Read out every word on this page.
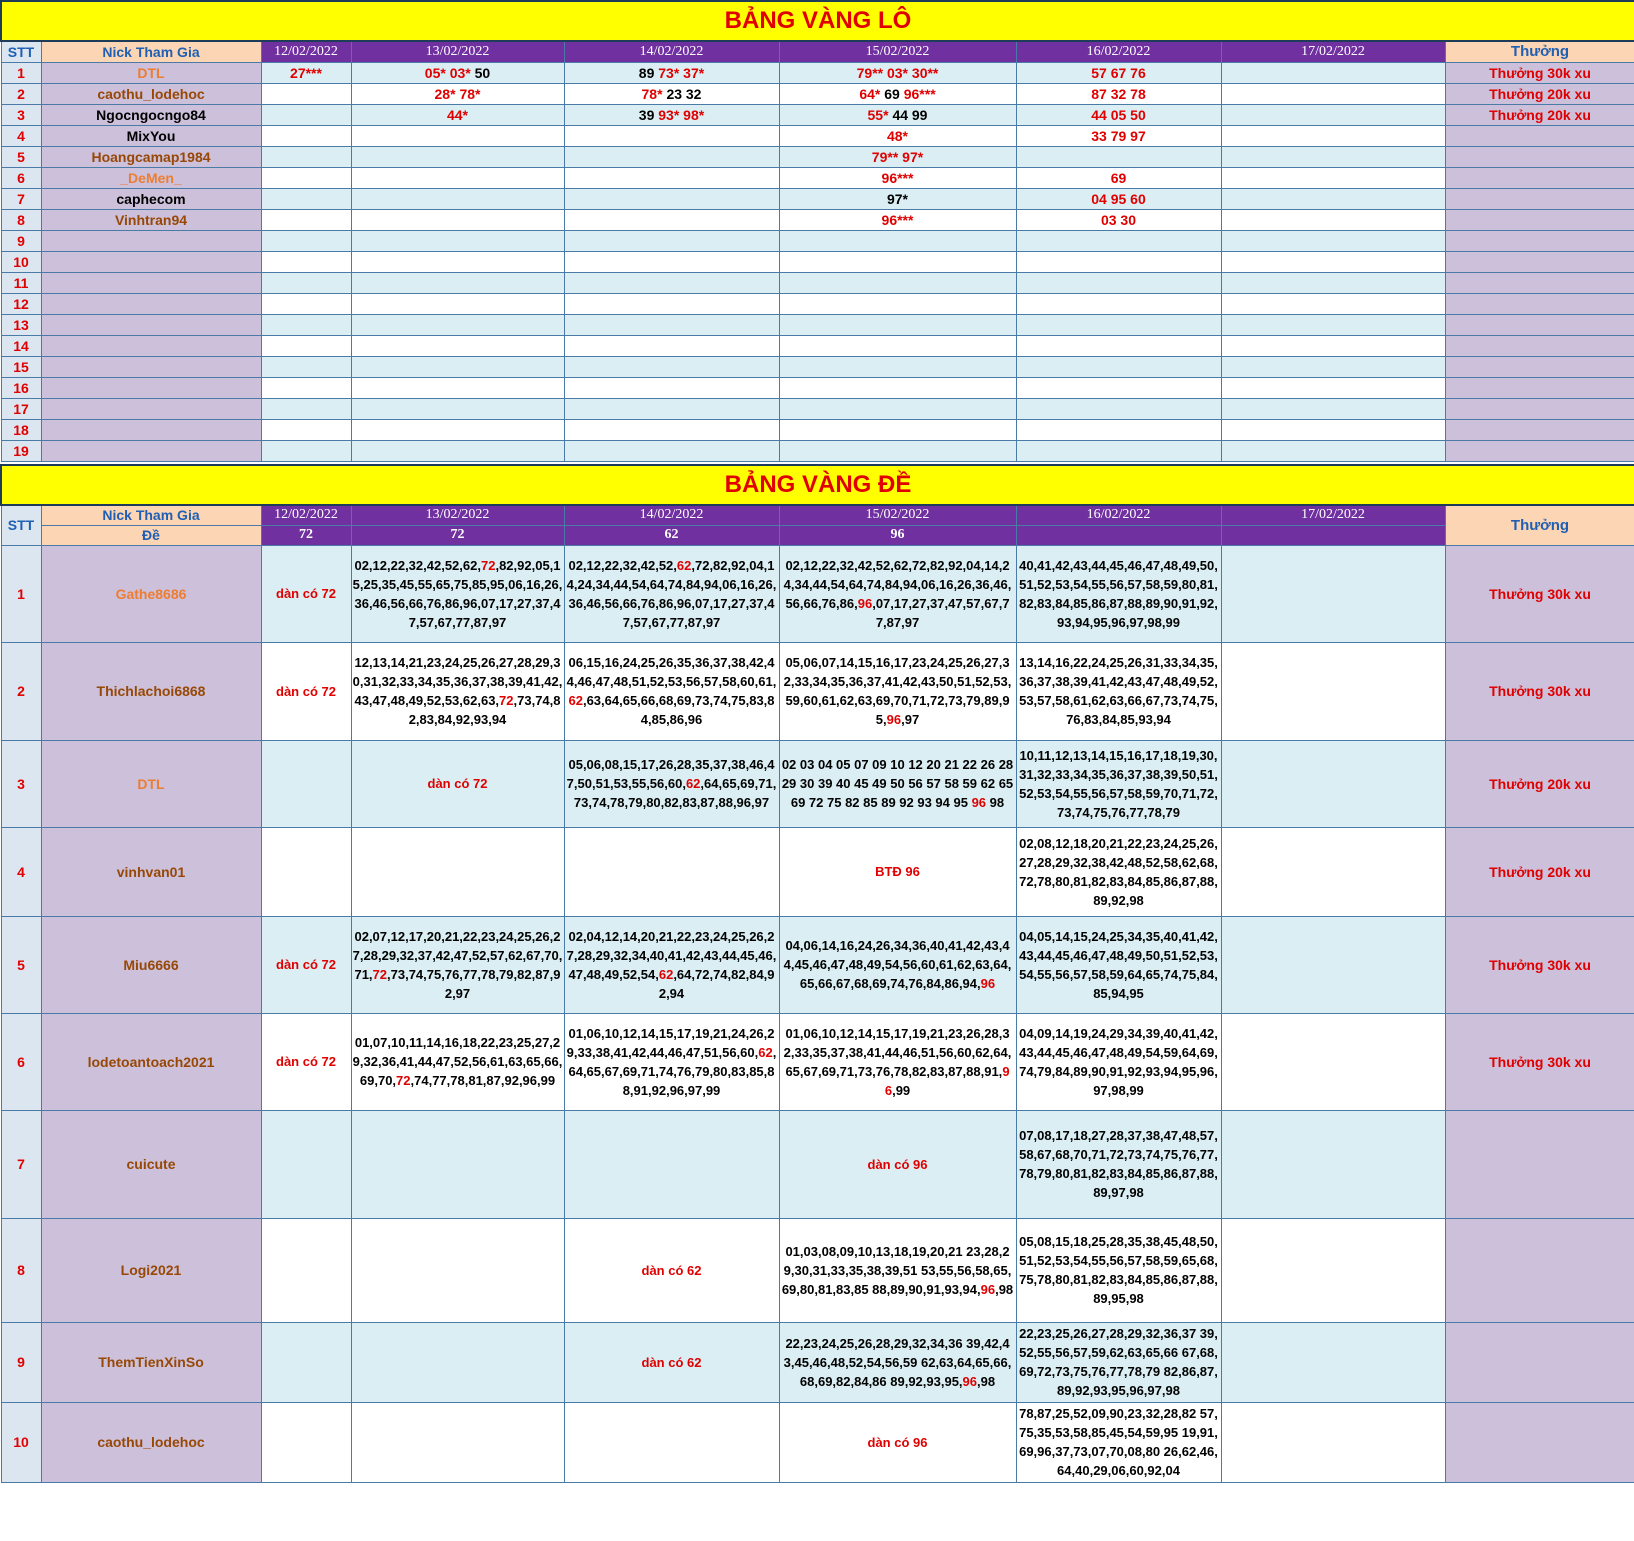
BẢNG VÀNG LÔ								
STT	Nick Tham Gia	12/02/2022	13/02/2022	14/02/2022	15/02/2022	16/02/2022	17/02/2022	Thưởng
1	DTL	27***	05* 03* 50	89 73* 37*	79** 03* 30**	57 67 76		Thưởng 30k xu
2	caothu_lodehoc		28* 78*	78* 23 32	64* 69 96***	87 32 78		Thưởng 20k xu
3	Ngocngocngo84		44*	39 93* 98*	55* 44 99	44 05 50		Thưởng 20k xu
4	MixYou				48*	33 79 97		
5	Hoangcamap1984				79** 97*			
6	_DeMen_				96***	69		
7	caphecom				97*	04 95 60		
8	Vinhtran94				96***	03 30		
9								
10								
11								
12								
13								
14								
15								
16								
17								
18								
19								
BẢNG VÀNG ĐỀ								
STT	Nick Tham Gia	12/02/2022	13/02/2022	14/02/2022	15/02/2022	16/02/2022	17/02/2022	Thưởng
	Đề	72	72	62	96			
1	Gathe8686	dàn có 72	02,12,22,32,42,52,62,72,82,92,05,15,25,35,45,55,65,75,85,95,06,16,26,36,46,56,66,76,86,96,07,17,27,37,47,57,67,77,87,97	02,12,22,32,42,52,62,72,82,92,04,14,24,34,44,54,64,74,84,94,06,16,26,36,46,56,66,76,86,96,07,17,27,37,47,57,67,77,87,97	02,12,22,32,42,52,62,72,82,92,04,14,24,34,44,54,64,74,84,94,06,16,26,36,46,56,66,76,86,96,07,17,27,37,47,57,67,77,87,97	40,41,42,43,44,45,46,47,48,49,50,51,52,53,54,55,56,57,58,59,80,81,82,83,84,85,86,87,88,89,90,91,92,93,94,95,96,97,98,99		Thưởng 30k xu
2	Thichlachoi6868	dàn có 72	12,13,14,21,23,24,25,26,27,28,29,30,31,32,33,34,35,36,37,38,39,41,42,43,47,48,49,52,53,62,63,72,73,74,82,83,84,92,93,94	06,15,16,24,25,26,35,36,37,38,42,44,46,47,48,51,52,53,56,57,58,60,61,62,63,64,65,66,68,69,73,74,75,83,84,85,86,96	05,06,07,14,15,16,17,23,24,25,26,27,32,33,34,35,36,37,41,42,43,50,51,52,53,59,60,61,62,63,69,70,71,72,73,79,89,95,96,97	13,14,16,22,24,25,26,31,33,34,35,36,37,38,39,41,42,43,47,48,49,52,53,57,58,61,62,63,66,67,73,74,75,76,83,84,85,93,94		Thưởng 30k xu
3	DTL		dàn có 72	05,06,08,15,17,26,28,35,37,38,46,47,50,51,53,55,56,60,62,64,65,69,71,73,74,78,79,80,82,83,87,88,96,97	02 03 04 05 07 09 10 12 20 21 22 26 28 29 30 39 40 45 49 50 56 57 58 59 62 65 69 72 75 82 85 89 92 93 94 95 96 98	10,11,12,13,14,15,16,17,18,19,30,31,32,33,34,35,36,37,38,39,50,51,52,53,54,55,56,57,58,59,70,71,72,73,74,75,76,77,78,79		Thưởng 20k xu
4	vinhvan01				BTĐ 96	02,08,12,18,20,21,22,23,24,25,26,27,28,29,32,38,42,48,52,58,62,68,72,78,80,81,82,83,84,85,86,87,88,89,92,98		Thưởng 20k xu
5	Miu6666	dàn có 72	02,07,12,17,20,21,22,23,24,25,26,27,28,29,32,37,42,47,52,57,62,67,70,71,72,73,74,75,76,77,78,79,82,87,92,97	02,04,12,14,20,21,22,23,24,25,26,27,28,29,32,34,40,41,42,43,44,45,46,47,48,49,52,54,62,64,72,74,82,84,92,94	04,06,14,16,24,26,34,36,40,41,42,43,44,45,46,47,48,49,54,56,60,61,62,63,64,65,66,67,68,69,74,76,84,86,94,96	04,05,14,15,24,25,34,35,40,41,42,43,44,45,46,47,48,49,50,51,52,53,54,55,56,57,58,59,64,65,74,75,84,85,94,95		Thưởng 30k xu
6	lodetoantoach2021	dàn có 72	01,07,10,11,14,16,18,22,23,25,27,29,32,36,41,44,47,52,56,61,63,65,66,69,70,72,74,77,78,81,87,92,96,99	01,06,10,12,14,15,17,19,21,24,26,29,33,38,41,42,44,46,47,51,56,60,62,64,65,67,69,71,74,76,79,80,83,85,88,91,92,96,97,99	01,06,10,12,14,15,17,19,21,23,26,28,32,33,35,37,38,41,44,46,51,56,60,62,64,65,67,69,71,73,76,78,82,83,87,88,91,96,99	04,09,14,19,24,29,34,39,40,41,42,43,44,45,46,47,48,49,54,59,64,69,74,79,84,89,90,91,92,93,94,95,96,97,98,99		Thưởng 30k xu
7	cuicute				dàn có 96	07,08,17,18,27,28,37,38,47,48,57,58,67,68,70,71,72,73,74,75,76,77,78,79,80,81,82,83,84,85,86,87,88,89,97,98		
8	Logi2021			dàn có 62	01,03,08,09,10,13,18,19,20,21 23,28,29,30,31,33,35,38,39,51 53,55,56,58,65,69,80,81,83,85 88,89,90,91,93,94,96,98	05,08,15,18,25,28,35,38,45,48,50,51,52,53,54,55,56,57,58,59,65,68,75,78,80,81,82,83,84,85,86,87,88,89,95,98		
9	ThemTienXinSo			dàn có 62	22,23,24,25,26,28,29,32,34,36 39,42,43,45,46,48,52,54,56,59 62,63,64,65,66,68,69,82,84,86 89,92,93,95,96,98	22,23,25,26,27,28,29,32,36,37 39,52,55,56,57,59,62,63,65,66 67,68,69,72,73,75,76,77,78,79 82,86,87,89,92,93,95,96,97,98		
10	caothu_lodehoc				dàn có 96	78,87,25,52,09,90,23,32,28,82 57,75,35,53,58,85,45,54,59,95 19,91,69,96,37,73,07,70,08,80 26,62,46,64,40,29,06,60,92,04		
